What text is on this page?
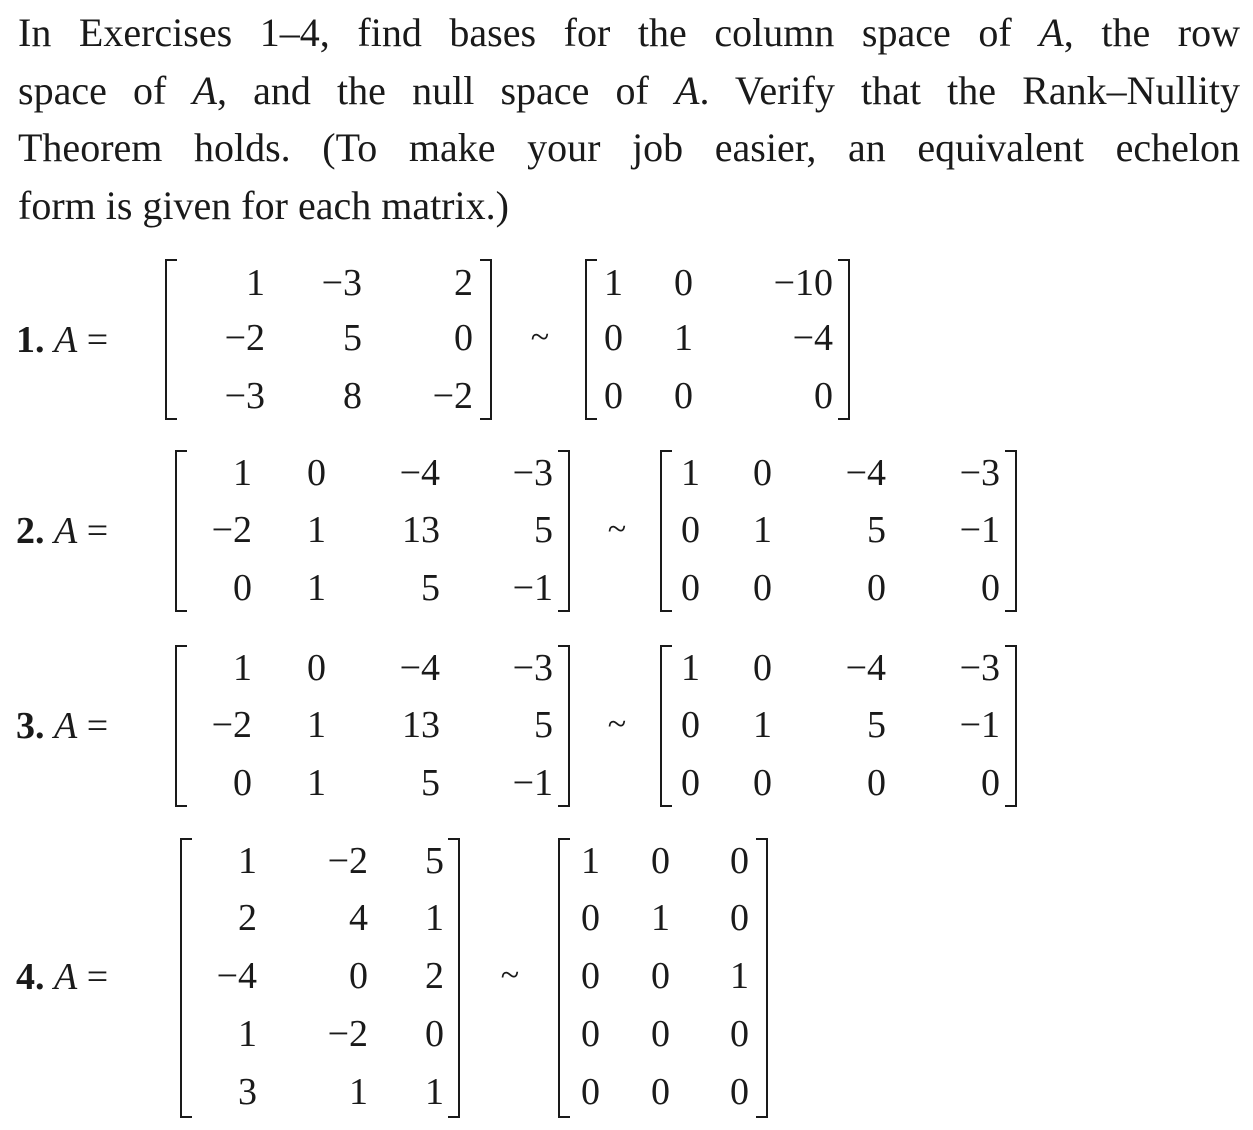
In Exercises 1–4, find bases for the column space of A, the row
space of A, and the null space of A. Verify that the Rank–Nullity
Theorem holds. (To make your job easier, an equivalent echelon
form is given for each matrix.)
1. A =
1 −3 2
−2 5 0
−3 8 −2
~
1 0 −10
0 1	−4
0 0	0
2. A =
1 0 −4 −3
−2 1 13 5
0 1	5 −1
~
1 0 −4 −3
0 1	5 −1
0 0	0	0
3. A =
1 0 −4 −3
−2 1 13 5
0 1	5 −1
~
1 0 −4 −3
0 1	5 −1
0 0	0	0
4. A =
1 −2 5
2 4 1
−4 0 2
1 −2 0
3 1 1
~
1 0 0
0 1 0
0 0 1
0 0 0
0 0 0
